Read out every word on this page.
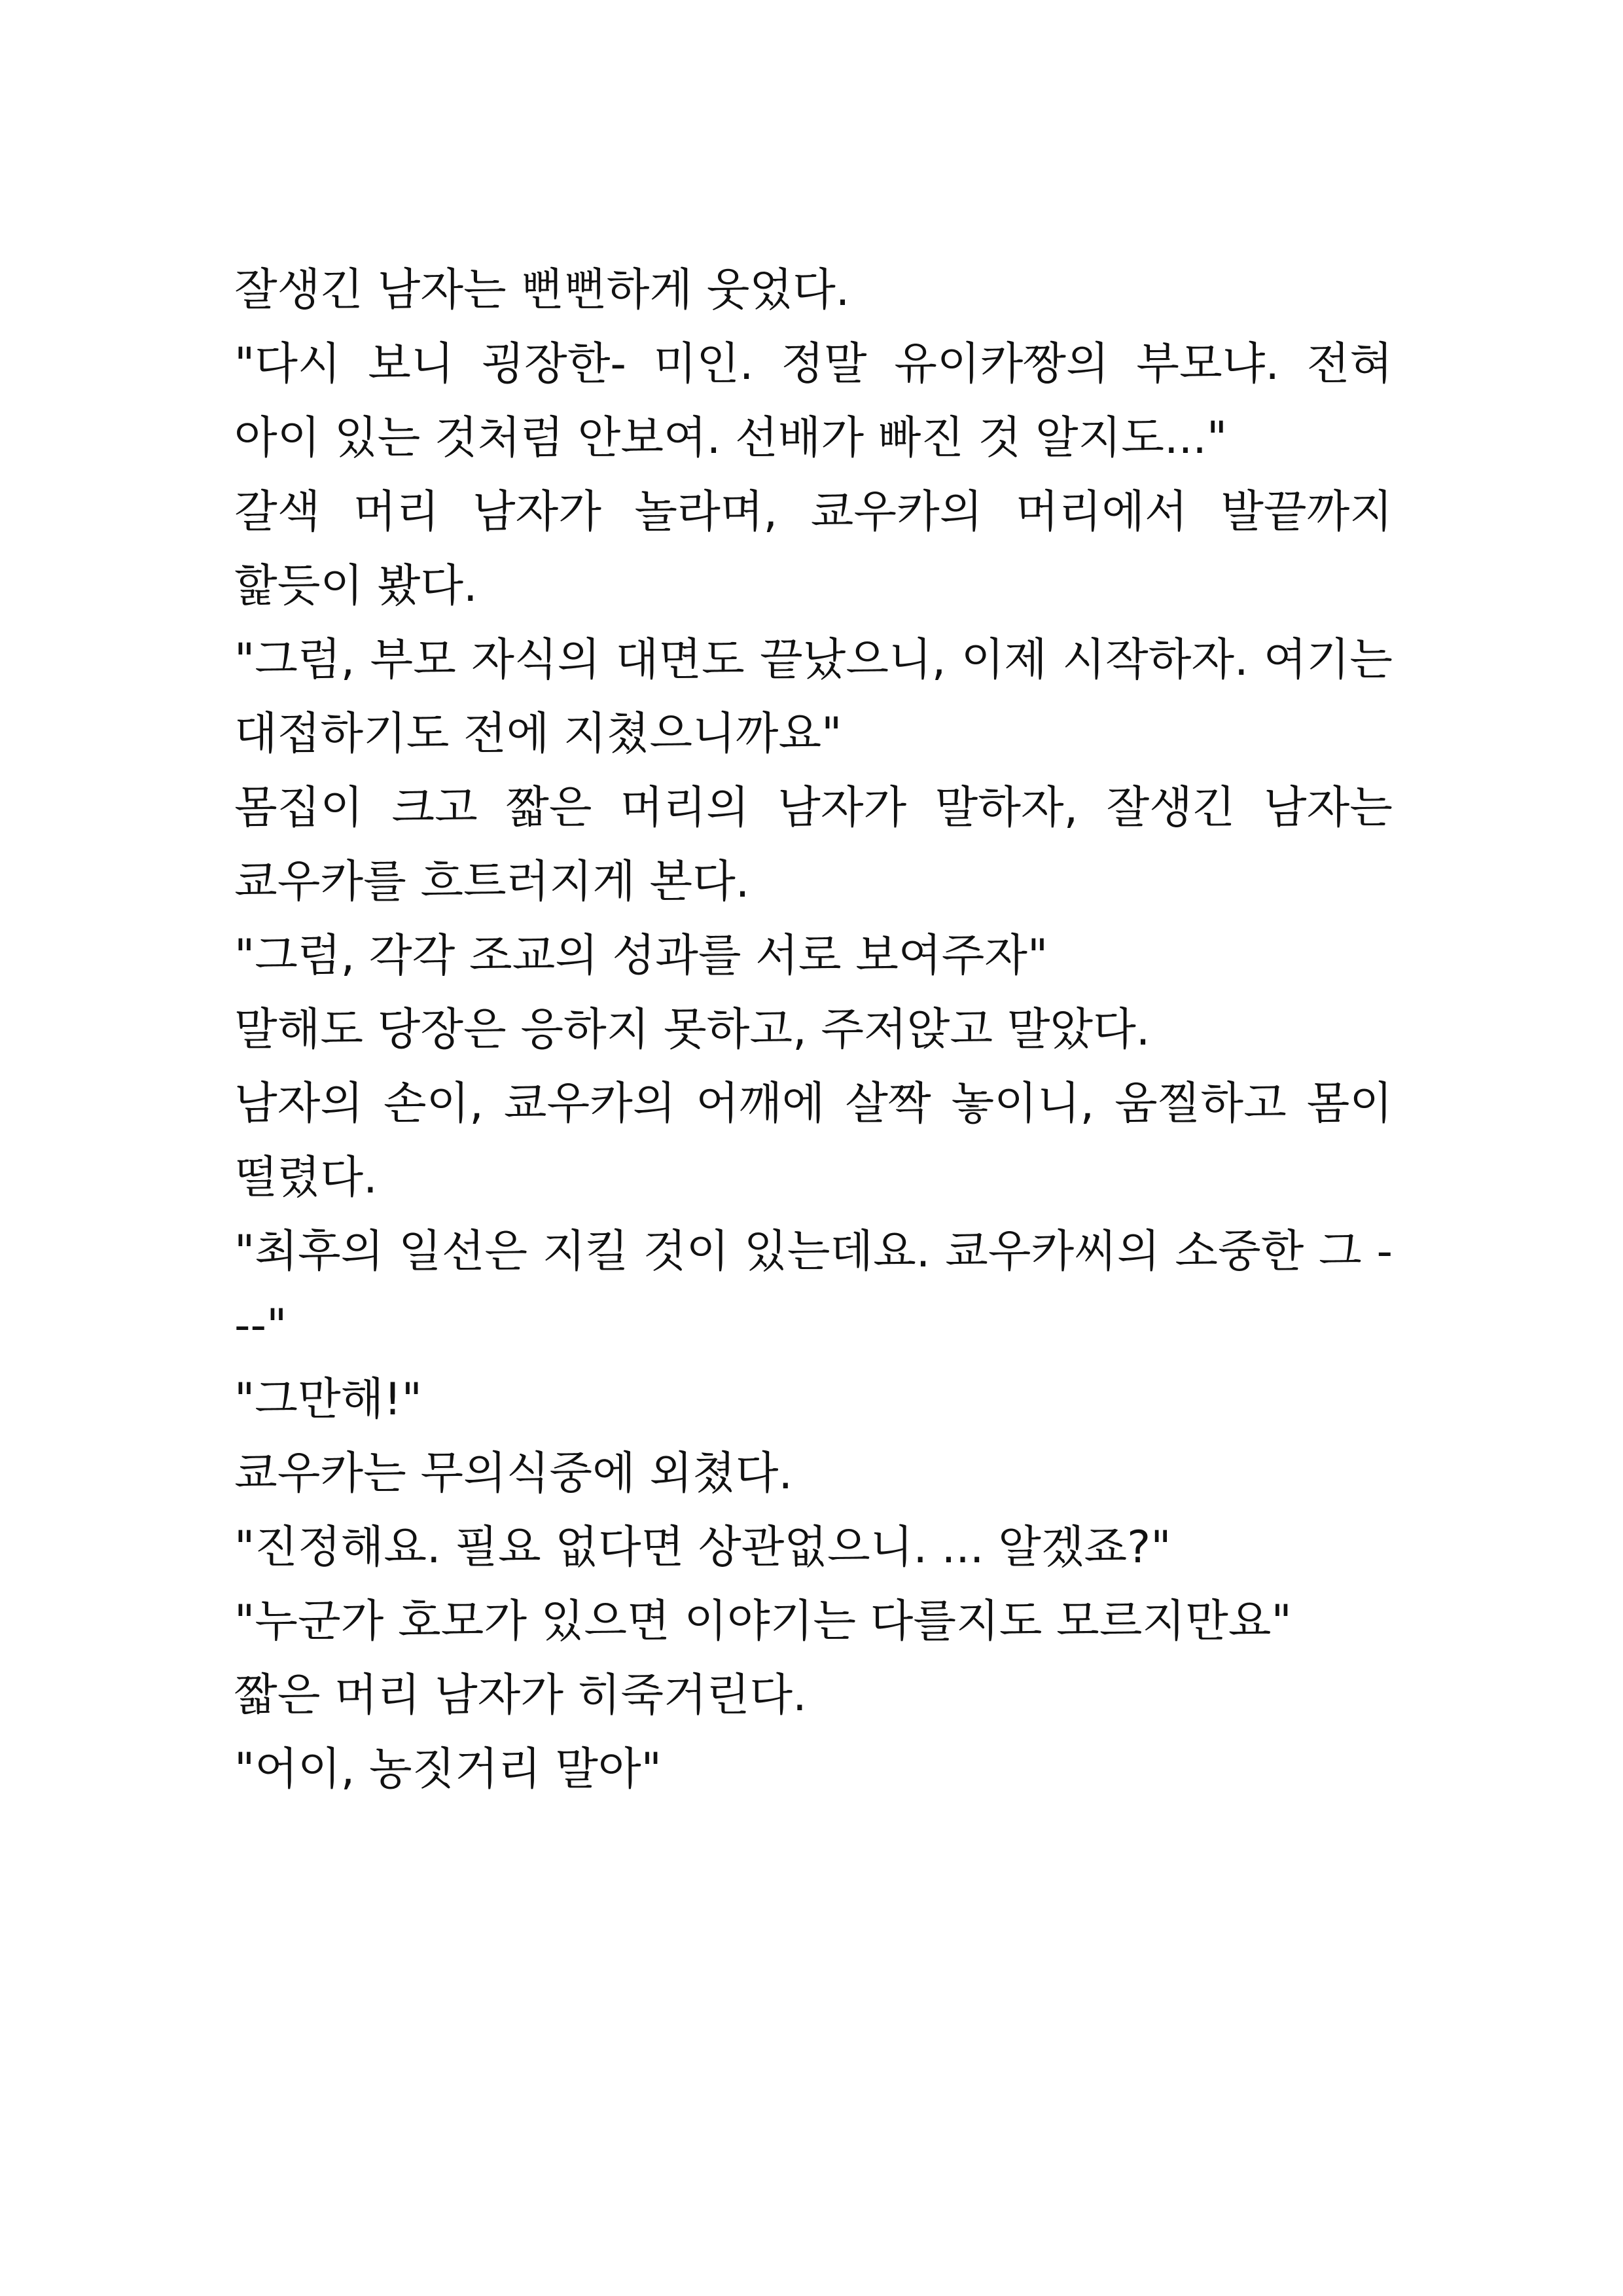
잘생긴 남자는 뻔뻔하게 웃었다.

"다시 보니 굉장한- 미인. 정말 유이카짱의 부모냐. 전혀 아이 있는 것처럼 안보여. 선배가 빠진 것 알지도..."

갈색 머리 남자가 놀라며, 쿄우카의 머리에서 발끝까지 핥듯이 봤다.

"그럼, 부모 자식의 대면도 끝났으니, 이제 시작하자. 여기는 대접하기도 전에 지쳤으니까요"

몸집이 크고 짧은 머리의 남자가 말하자, 잘생긴 남자는 쿄우카를 흐트러지게 본다.

"그럼, 각각 조교의 성과를 서로 보여주자"

말해도 당장은 응하지 못하고, 주저앉고 말았다.

남자의 손이, 쿄우카의 어깨에 살짝 놓이니, 움찔하고 몸이 떨렸다.

"최후의 일선은 지킬 것이 있는데요. 쿄우카씨의 소중한 그 ---"

"그만해!"

쿄우카는 무의식중에 외쳤다.

"진정해요. 필요 없다면 상관없으니. ... 알겠죠?"

"누군가 호모가 있으면 이야기는 다를지도 모르지만요"

짧은 머리 남자가 히죽거린다.

"어이, 농짓거리 말아"
